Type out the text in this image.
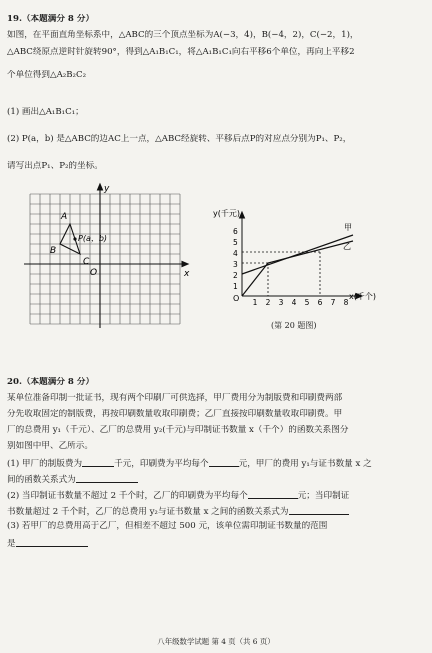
19.（本题满分 8 分）
如图，在平面直角坐标系中，△ABC的三个顶点坐标为A(−3，4)，B(−4，2)，C(−2，1)，
△ABC绕原点逆时针旋转90°，得到△A₁B₁C₁，将△A₁B₁C₁向右平移6个单位，再向上平移2
个单位得到△A₂B₂C₂
(1) 画出△A₁B₁C₁；
(2) P(a，b) 是△ABC的边AC上一点，△ABC经旋转、平移后点P的对应点分别为P₁、P₂，
请写出点P₁、P₂的坐标。
x
y
O
A
B
C
P(a，b)
y(千元)
x(千个)
O
1
2
3
4
5
6
1 2 3 4 5 6 7 8
甲
乙
(第 20 题图)
20.（本题满分 8 分）
某单位准备印制一批证书，现有两个印刷厂可供选择，甲厂费用分为制版费和印刷费两部
分先收取固定的制版费，再按印刷数量收取印刷费；乙厂直接按印刷数量收取印刷费。甲
厂的总费用 y₁（千元）、乙厂的总费用 y₂(千元)与印制证书数量 x（千个）的函数关系图分
别如图中甲、乙所示。
(1) 甲厂的制版费为	千元，印刷费为平均每个	元，甲厂的费用 y₁与证书数量 x 之
间的函数关系式为
(2) 当印制证书数量不超过 2 千个时，乙厂的印刷费为平均每个	元；当印制证
书数量超过 2 千个时，乙厂的总费用 y₂与证书数量 x 之间的函数关系式为
(3) 若甲厂的总费用高于乙厂，但相差不超过 500 元，该单位需印制证书数量的范围
是
八年级数学试题 第 4 页（共 6 页）
